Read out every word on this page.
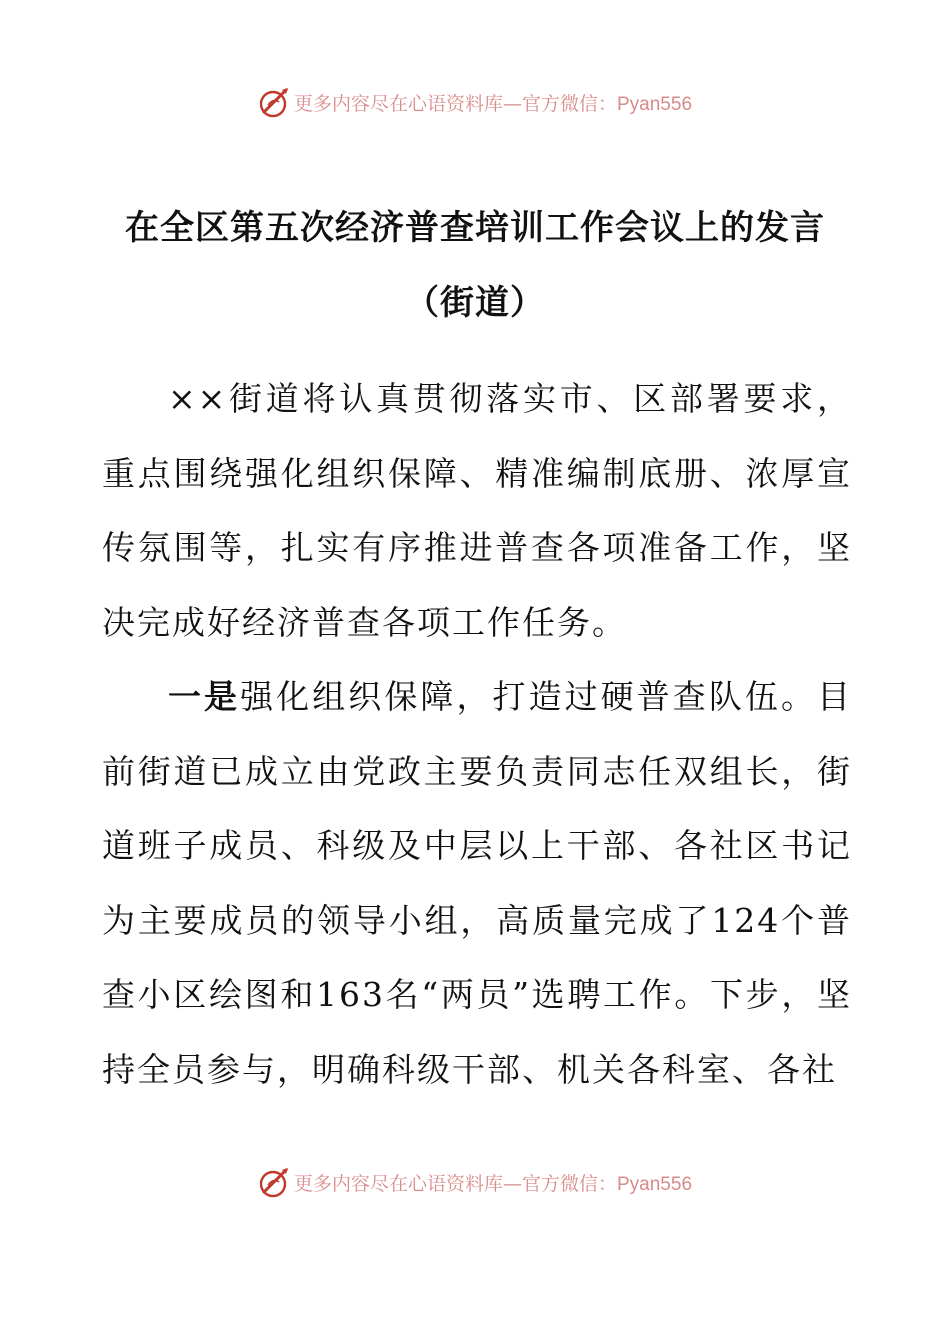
更多内容尽在心语资料库—官方微信：Pyan556
在全区第五次经济普查培训工作会议上的发言
（街道）

××街道将认真贯彻落实市、区部署要求，重点围绕强化组织保障、精准编制底册、浓厚宣传氛围等，扎实有序推进普查各项准备工作，坚决完成好经济普查各项工作任务。

一是强化组织保障，打造过硬普查队伍。目前街道已成立由党政主要负责同志任双组长，街道班子成员、科级及中层以上干部、各社区书记为主要成员的领导小组，高质量完成了124个普查小区绘图和163名“两员”选聘工作。下步，坚持全员参与，明确科级干部、机关各科室、各社

更多内容尽在心语资料库—官方微信：Pyan556
